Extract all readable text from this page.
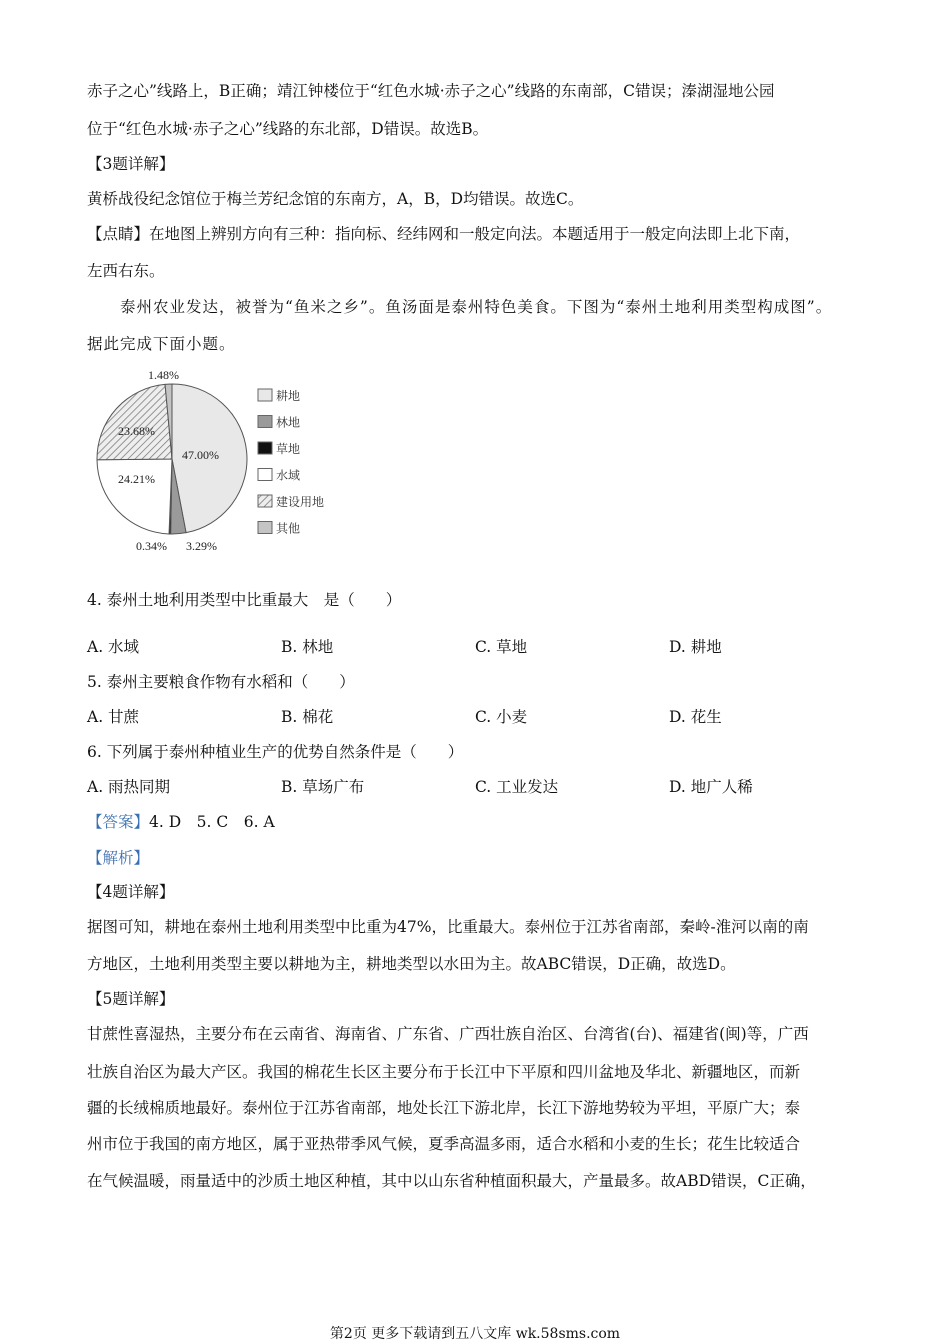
赤子之心”线路上，B正确；靖江钟楼位于“红色水城·赤子之心”线路的东南部，C错误；溱湖湿地公园
位于“红色水城·赤子之心”线路的东北部，D错误。故选B。
【3题详解】
黄桥战役纪念馆位于梅兰芳纪念馆的东南方，A，B，D均错误。故选C。
【点睛】在地图上辨别方向有三种：指向标、经纬网和一般定向法。本题适用于一般定向法即上北下南，
左西右东。
泰州农业发达，被誉为“鱼米之乡”。鱼汤面是泰州特色美食。下图为“泰州土地利用类型构成图”。
据此完成下面小题。
47.00%
3.29%
0.34%
24.21%
23.68%
1.48%
耕地
林地
草地
水域
建设用地
其他
4. 泰州土地利用类型中比重最大　是（　　）
A. 水域	B. 林地	C. 草地	D. 耕地
5. 泰州主要粮食作物有水稻和（　　）
A. 甘蔗	B. 棉花	C. 小麦	D. 花生
6. 下列属于泰州种植业生产的优势自然条件是（　　）
A. 雨热同期	B. 草场广布	C. 工业发达	D. 地广人稀
【答案】4. D　5. C　6. A
【解析】
【4题详解】
据图可知，耕地在泰州土地利用类型中比重为47%，比重最大。泰州位于江苏省南部，秦岭-淮河以南的南
方地区，土地利用类型主要以耕地为主，耕地类型以水田为主。故ABC错误，D正确，故选D。
【5题详解】
甘蔗性喜湿热，主要分布在云南省、海南省、广东省、广西壮族自治区、台湾省(台)、福建省(闽)等，广西
壮族自治区为最大产区。我国的棉花生长区主要分布于长江中下平原和四川盆地及华北、新疆地区，而新
疆的长绒棉质地最好。泰州位于江苏省南部，地处长江下游北岸，长江下游地势较为平坦，平原广大；泰
州市位于我国的南方地区，属于亚热带季风气候，夏季高温多雨，适合水稻和小麦的生长；花生比较适合
在气候温暖，雨量适中的沙质土地区种植，其中以山东省种植面积最大，产量最多。故ABD错误，C正确，
第2页 更多下载请到五八文库 wk.58sms.com
